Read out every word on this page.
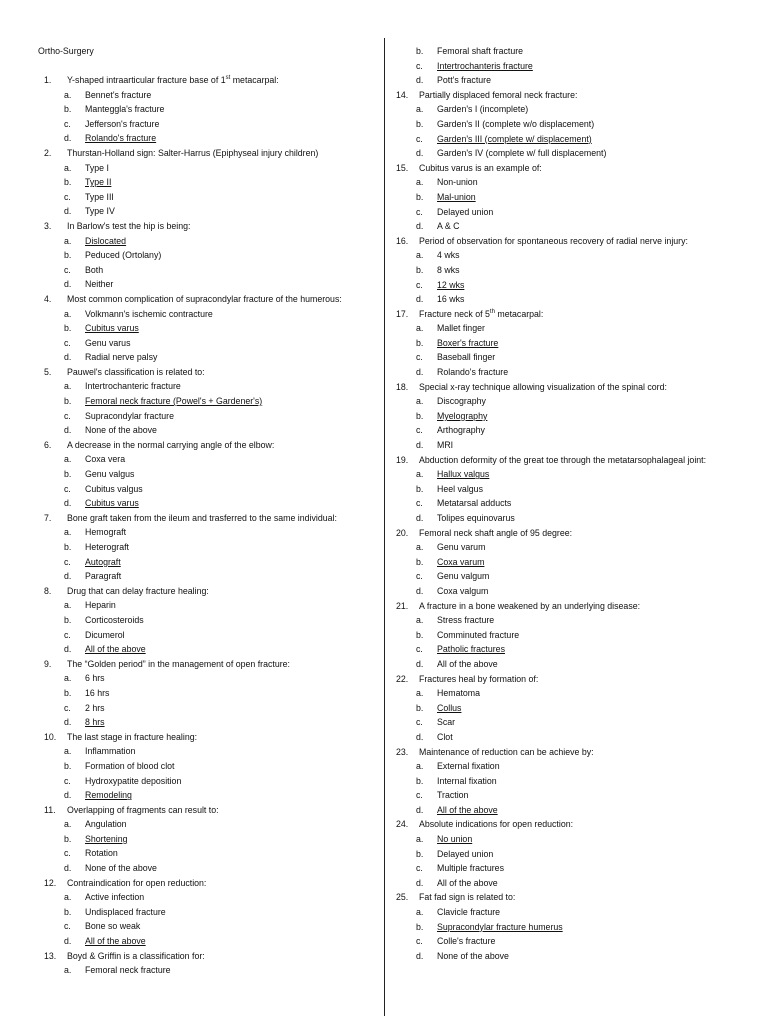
Ortho-Surgery
1. Y-shaped intraarticular fracture base of 1st metacarpal:
a. Bennet's fracture
b. Manteggla's fracture
c. Jefferson's fracture
d. Rolando's fracture
2. Thurstan-Holland sign: Salter-Harrus (Epiphyseal injury children)
a. Type I
b. Type II
c. Type III
d. Type IV
3. In Barlow's test the hip is being:
a. Dislocated
b. Peduced (Ortolany)
c. Both
d. Neither
4. Most common complication of supracondylar fracture of the humerous:
a. Volkmann's ischemic contracture
b. Cubitus varus
c. Genu varus
d. Radial nerve palsy
5. Pauwel's classification is related to:
a. Intertrochanteric fracture
b. Femoral neck fracture (Powel's + Gardener's)
c. Supracondylar fracture
d. None of the above
6. A decrease in the normal carrying angle of the elbow:
a. Coxa vera
b. Genu valgus
c. Cubitus valgus
d. Cubitus varus
7. Bone graft taken from the ileum and trasferred to the same individual:
a. Hemograft
b. Heterograft
c. Autograft
d. Paragraft
8. Drug that can delay fracture healing:
a. Heparin
b. Corticosteroids
c. Dicumerol
d. All of the above
9. The “Golden period” in the management of open fracture:
a. 6 hrs
b. 16 hrs
c. 2 hrs
d. 8 hrs
10. The last stage in fracture healing:
a. Inflammation
b. Formation of blood clot
c. Hydroxypatite deposition
d. Remodeling
11. Overlapping of fragments can result to:
a. Angulation
b. Shortening
c. Rotation
d. None of the above
12. Contraindication for open reduction:
a. Active infection
b. Undisplaced fracture
c. Bone so weak
d. All of the above
13. Boyd & Griffin is a classification for:
a. Femoral neck fracture
b. Femoral shaft fracture
c. Intertrochanteris fracture
d. Pott's fracture
14. Partially displaced femoral neck fracture:
a. Garden's I (incomplete)
b. Garden's II (complete w/o displacement)
c. Garden's III (complete w/ displacement)
d. Garden's IV (complete w/ full displacement)
15. Cubitus varus is an example of:
a. Non-union
b. Mal-union
c. Delayed union
d. A & C
16. Period of observation for spontaneous recovery of radial nerve injury:
a. 4 wks
b. 8 wks
c. 12 wks
d. 16 wks
17. Fracture neck of 5th metacarpal:
a. Mallet finger
b. Boxer's fracture
c. Baseball finger
d. Rolando's fracture
18. Special x-ray technique allowing visualization of the spinal cord:
a. Discography
b. Myelography
c. Arthography
d. MRI
19. Abduction deformity of the great toe through the metatarsophalageal joint:
a. Hallux valgus
b. Heel valgus
c. Metatarsal adducts
d. Tolipes equinovarus
20. Femoral neck shaft angle of 95 degree:
a. Genu varum
b. Coxa varum
c. Genu valgum
d. Coxa valgum
21. A fracture in a bone weakened by an underlying disease:
a. Stress fracture
b. Comminuted fracture
c. Patholic fractures
d. All of the above
22. Fractures heal by formation of:
a. Hematoma
b. Collus
c. Scar
d. Clot
23. Maintenance of reduction can be achieve by:
a. External fixation
b. Internal fixation
c. Traction
d. All of the above
24. Absolute indications for open reduction:
a. No union
b. Delayed union
c. Multiple fractures
d. All of the above
25. Fat fad sign is related to:
a. Clavicle fracture
b. Supracondylar fracture humerus
c. Colle's fracture
d. None of the above
